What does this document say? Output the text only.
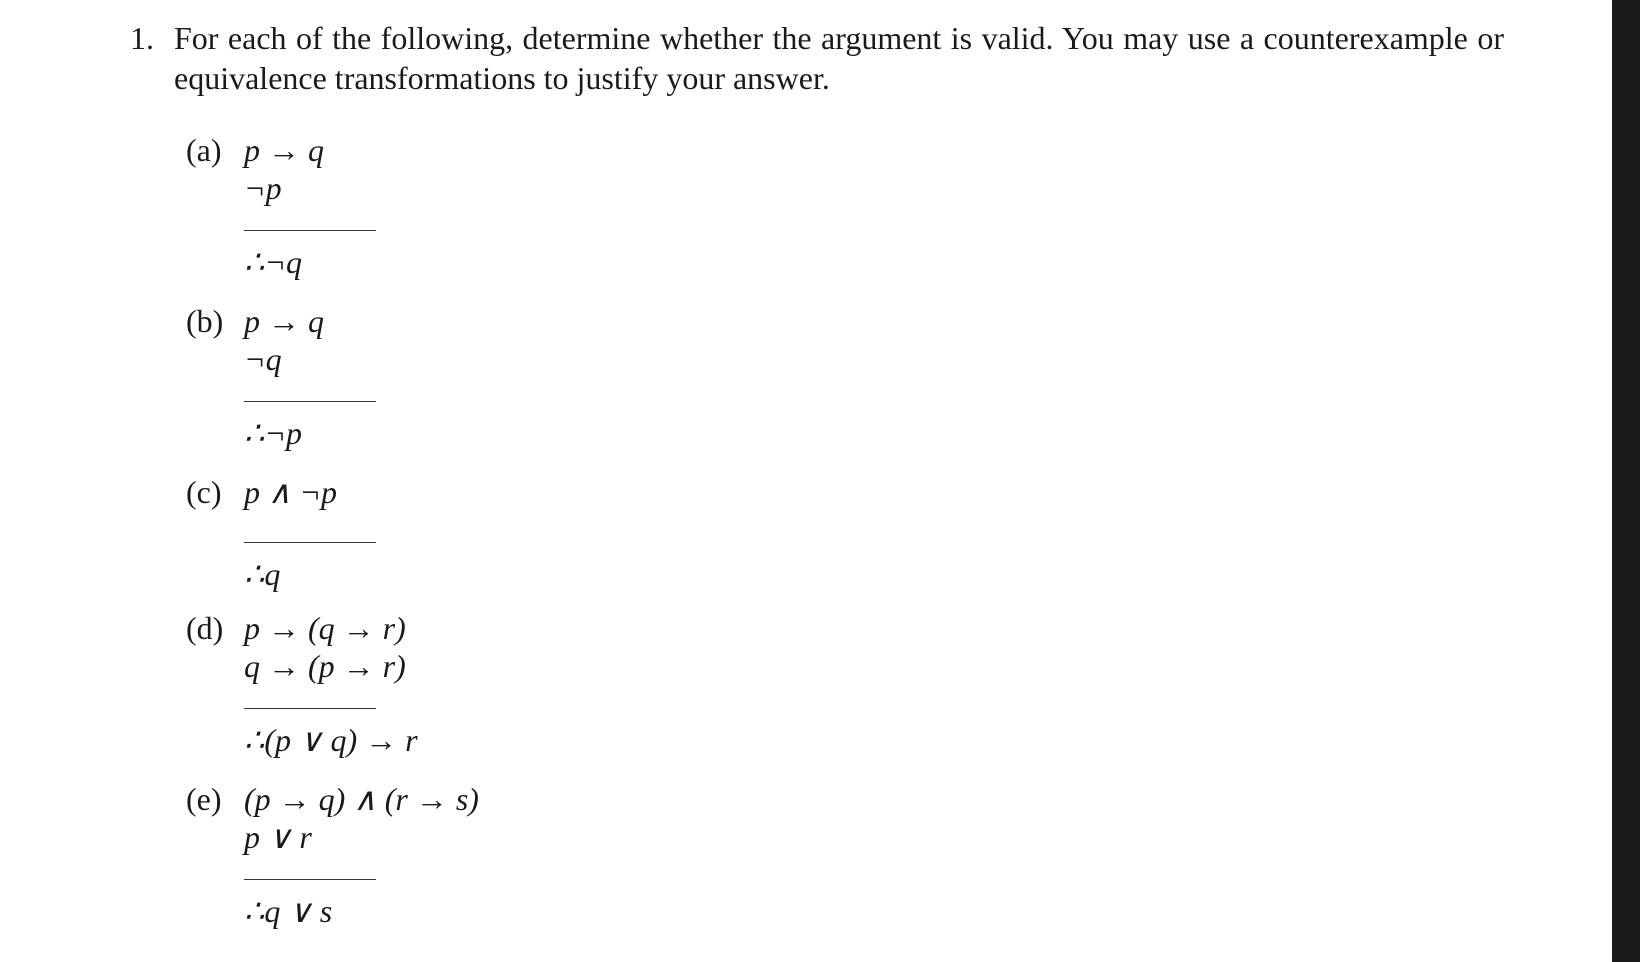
1. For each of the following, determine whether the argument is valid. You may use a counterexample or equivalence transformations to justify your answer.
(a) p → q
¬p
∴¬q
(b) p → q
¬q
∴¬p
(c) p ∧ ¬p
∴q
(d) p → (q → r)
q → (p → r)
∴(p ∨ q) → r
(e) (p → q) ∧ (r → s)
p ∨ r
∴q ∨ s
